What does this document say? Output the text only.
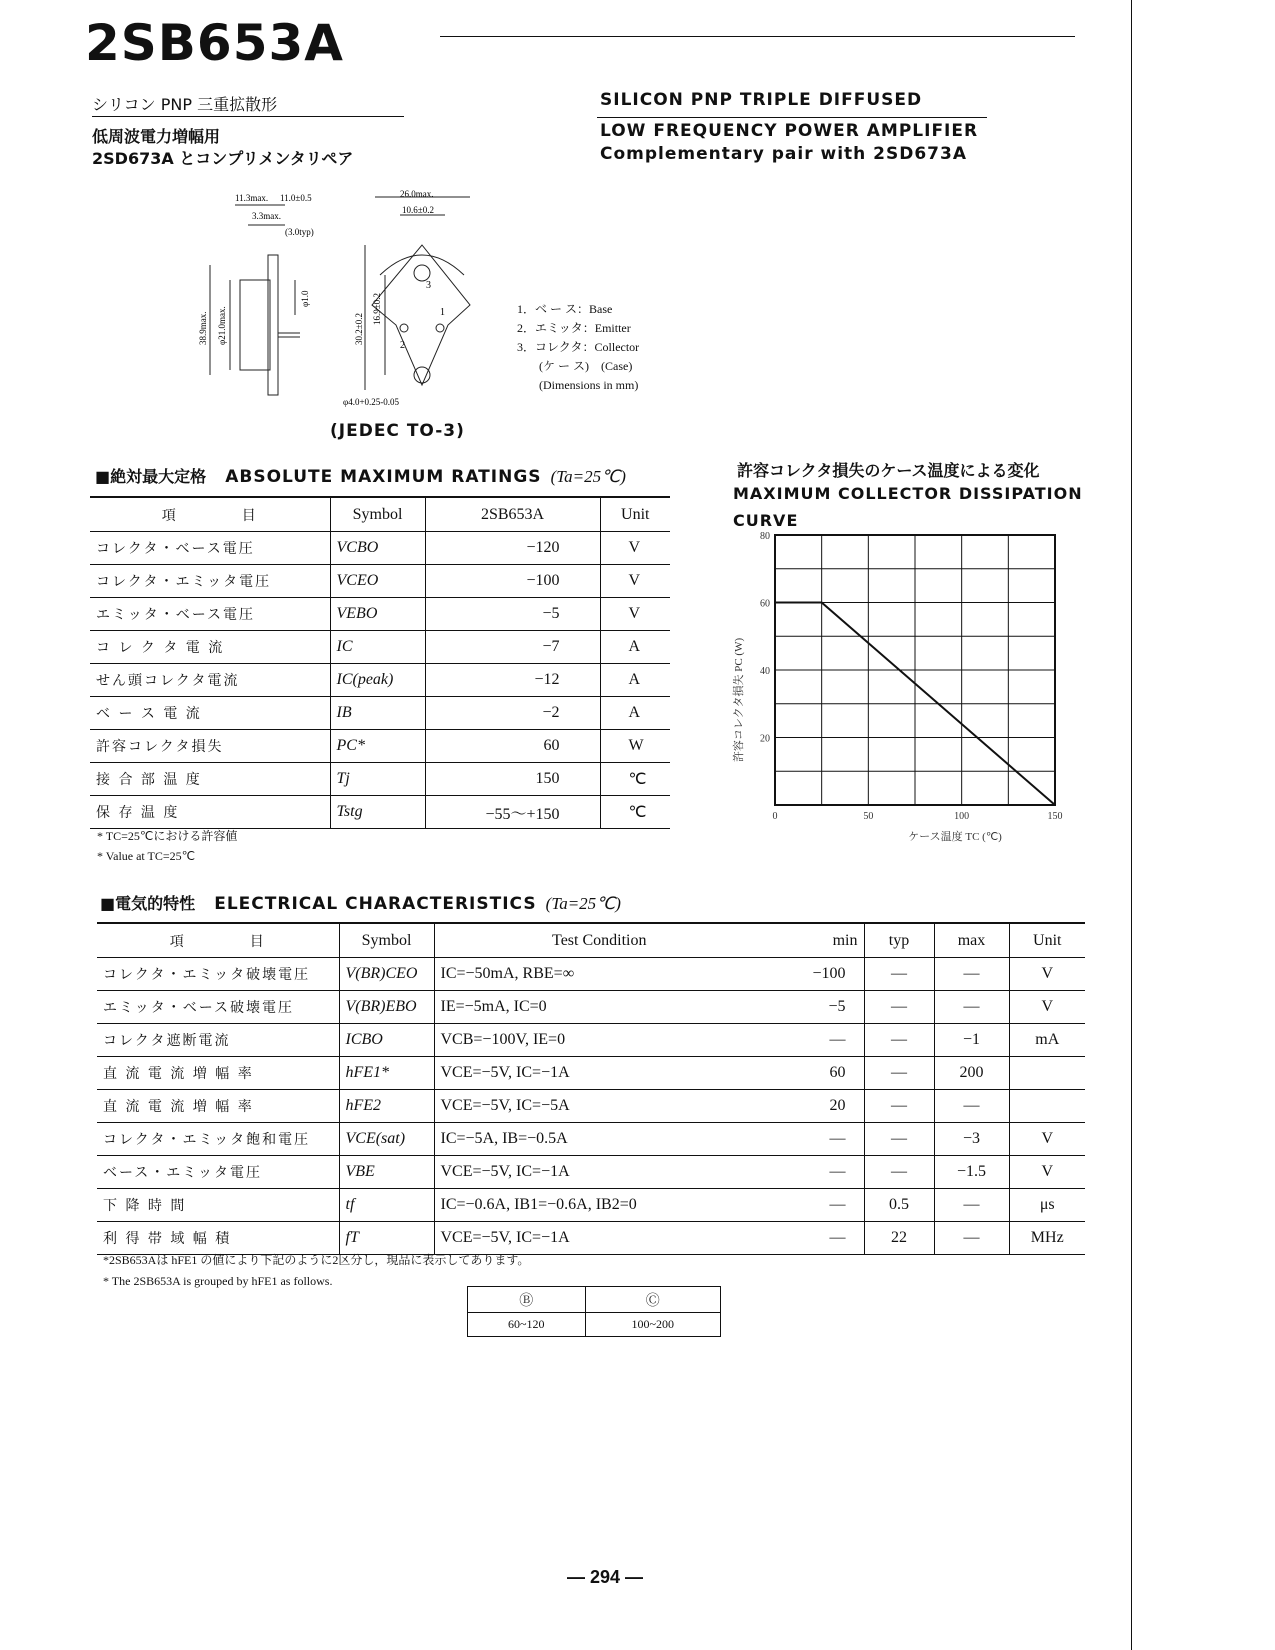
2SB653A
シリコン PNP 三重拡散形
低周波電力増幅用
2SD673A とコンプリメンタリペア
SILICON PNP TRIPLE DIFFUSED
LOW FREQUENCY POWER AMPLIFIER
Complementary pair with 2SD673A
11.3max. 11.0±0.5
3.3max.
(3.0typ)
26.0max.
10.6±0.2
38.9max. φ21.0max.
φ1.0
30.2±0.2
16.9±0.2
φ4.0+0.25-0.05
1
2
3
1．ベ ー ス：Base
2．エミッタ：Emitter
3．コレクタ：Collector
(ケ ー ス)　(Case)
(Dimensions in mm)
(JEDEC TO-3)
■絶対最大定格 ABSOLUTE MAXIMUM RATINGS (Ta=25℃)
項　　　　目	Symbol	2SB653A	Unit
コレクタ・ベース電圧	VCBO	−120	V
コレクタ・エミッタ電圧	VCEO	−100	V
エミッタ・ベース電圧	VEBO	−5	V
コ レ ク タ 電 流	IC	−7	A
せん頭コレクタ電流	IC(peak)	−12	A
ベ ー ス 電 流	IB	−2	A
許容コレクタ損失	PC*	60	W
接 合 部 温 度	Tj	150	℃
保 存 温 度	Tstg	−55〜+150	℃
* TC=25℃における許容値
* Value at TC=25℃
許容コレクタ損失のケース温度による変化
MAXIMUM COLLECTOR DISSIPATION
CURVE
0	50	100	150
20
40
60
80
ケース温度 TC (℃)
許容コレクタ損失 PC (W)
■電気的特性 ELECTRICAL CHARACTERISTICS (Ta=25℃)
項　　　　目	Symbol	Test Condition	min	typ	max	Unit
コレクタ・エミッタ破壊電圧	V(BR)CEO	IC=−50mA, RBE=∞	−100	—	—	V
エミッタ・ベース破壊電圧	V(BR)EBO	IE=−5mA, IC=0	−5	—	—	V
コレクタ遮断電流	ICBO	VCB=−100V, IE=0	—	—	−1	mA
直 流 電 流 増 幅 率	hFE1*	VCE=−5V, IC=−1A	60	—	200	
直 流 電 流 増 幅 率	hFE2	VCE=−5V, IC=−5A	20	—	—	
コレクタ・エミッタ飽和電圧	VCE(sat)	IC=−5A, IB=−0.5A	—	—	−3	V
ベース・エミッタ電圧	VBE	VCE=−5V, IC=−1A	—	—	−1.5	V
下 降 時 間	tf	IC=−0.6A, IB1=−0.6A, IB2=0	—	0.5	—	μs
利 得 帯 域 幅 積	fT	VCE=−5V, IC=−1A	—	22	—	MHz
*2SB653Aは hFE1 の値により下記のように2区分し，現品に表示してあります。
* The 2SB653A is grouped by hFE1 as follows.
Ⓑ	Ⓒ
60~120	100~200
— 294 —
